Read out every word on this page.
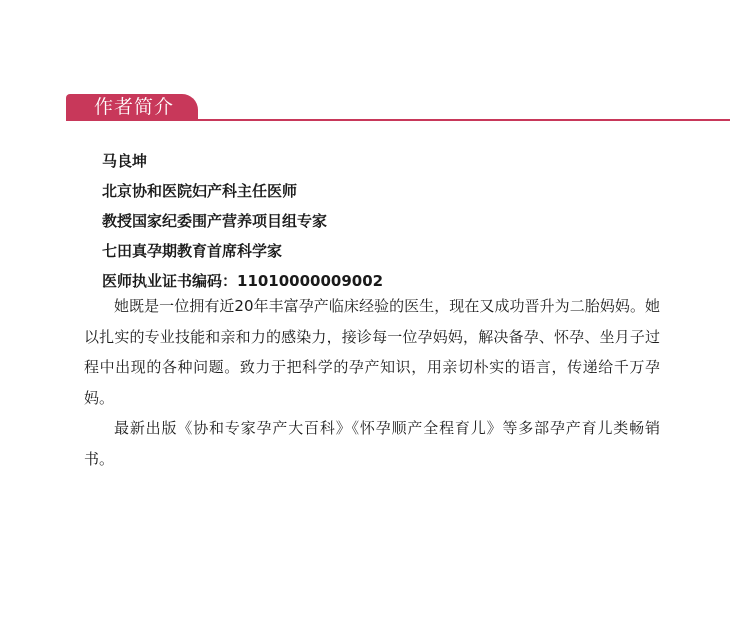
作者简介
马良坤
北京协和医院妇产科主任医师
教授国家纪委围产营养项目组专家
七田真孕期教育首席科学家
医师执业证书编码：11010000009002

她既是一位拥有近20年丰富孕产临床经验的医生，现在又成功晋升为二胎妈妈。她以扎实的专业技能和亲和力的感染力，接诊每一位孕妈妈，解决备孕、怀孕、坐月子过程中出现的各种问题。致力于把科学的孕产知识，用亲切朴实的语言，传递给千万孕妈。

最新出版《协和专家孕产大百科》《怀孕顺产全程育儿》等多部孕产育儿类畅销书。
